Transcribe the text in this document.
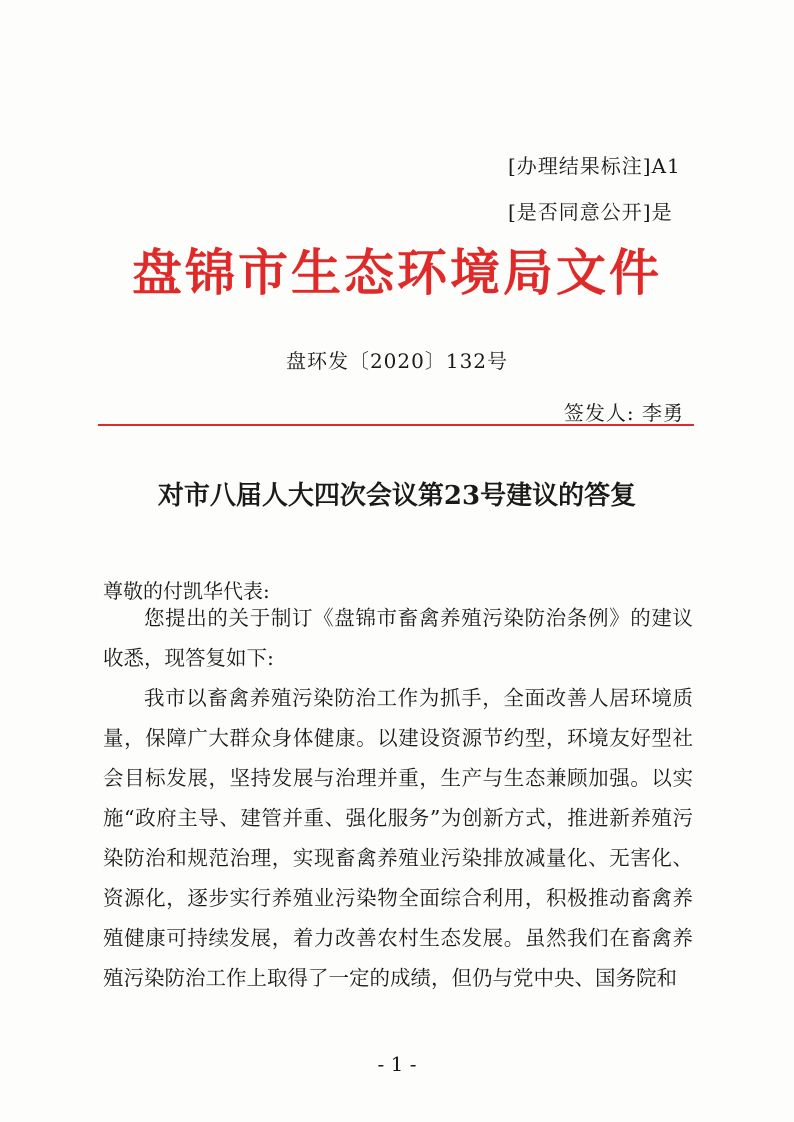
[办理结果标注]A1
[是否同意公开]是
盘锦市生态环境局文件
盘环发〔2020〕132号
签发人: 李勇
对市八届人大四次会议第23号建议的答复
尊敬的付凯华代表:

您提出的关于制订《盘锦市畜禽养殖污染防治条例》的建议收悉，现答复如下:

我市以畜禽养殖污染防治工作为抓手，全面改善人居环境质量，保障广大群众身体健康。以建设资源节约型，环境友好型社会目标发展，坚持发展与治理并重，生产与生态兼顾加强。以实施“政府主导、建管并重、强化服务”为创新方式，推进新养殖污染防治和规范治理，实现畜禽养殖业污染排放减量化、无害化、资源化，逐步实行养殖业污染物全面综合利用，积极推动畜禽养殖健康可持续发展，着力改善农村生态发展。虽然我们在畜禽养殖污染防治工作上取得了一定的成绩，但仍与党中央、国务院和

- 1 -
